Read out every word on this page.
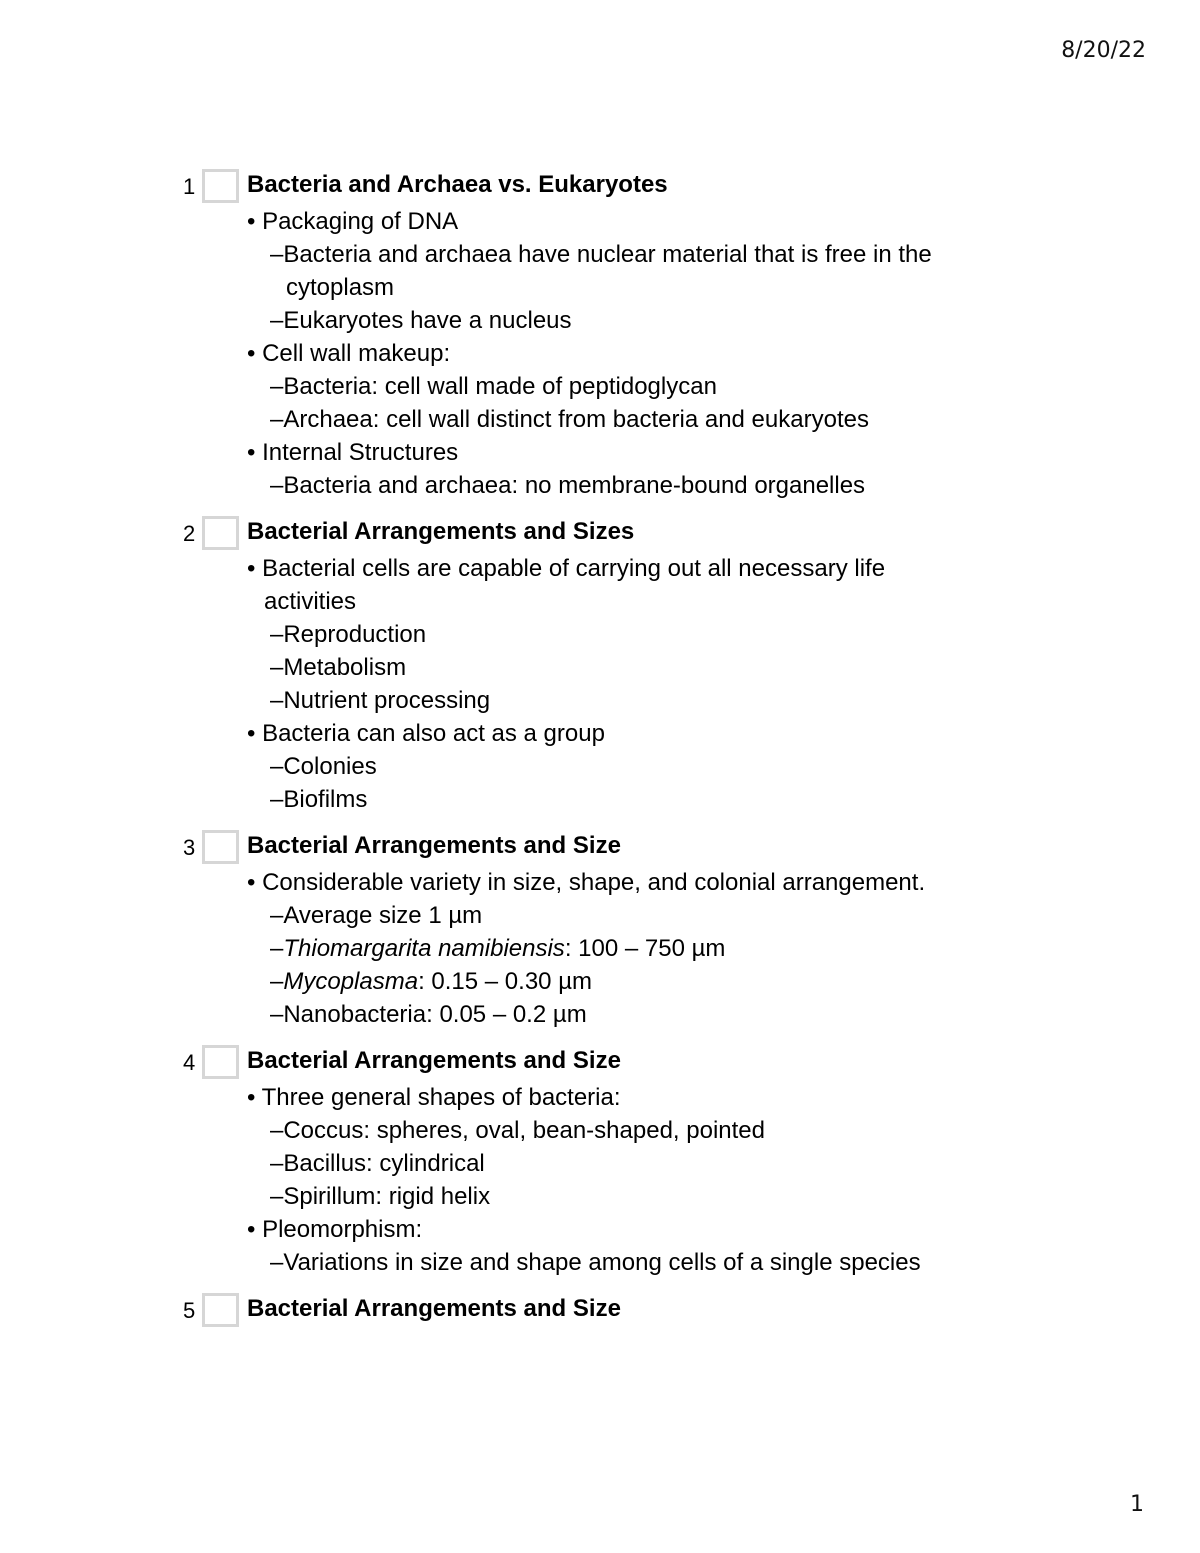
8/20/22
1 Bacteria and Archaea vs. Eukaryotes
• Packaging of DNA
–Bacteria and archaea have nuclear material that is free in the
cytoplasm
–Eukaryotes have a nucleus
• Cell wall makeup:
–Bacteria: cell wall made of peptidoglycan
–Archaea: cell wall distinct from bacteria and eukaryotes
• Internal Structures
–Bacteria and archaea: no membrane-bound organelles
2 Bacterial Arrangements and Sizes
• Bacterial cells are capable of carrying out all necessary life
activities
–Reproduction
–Metabolism
–Nutrient processing
• Bacteria can also act as a group
–Colonies
–Biofilms
3 Bacterial Arrangements and Size
• Considerable variety in size, shape, and colonial arrangement.
–Average size 1 µm
–Thiomargarita namibiensis: 100 – 750 µm
–Mycoplasma: 0.15 – 0.30 µm
–Nanobacteria: 0.05 – 0.2 µm
4 Bacterial Arrangements and Size
• Three general shapes of bacteria:
–Coccus: spheres, oval, bean-shaped, pointed
–Bacillus: cylindrical
–Spirillum: rigid helix
• Pleomorphism:
–Variations in size and shape among cells of a single species
5 Bacterial Arrangements and Size
1
